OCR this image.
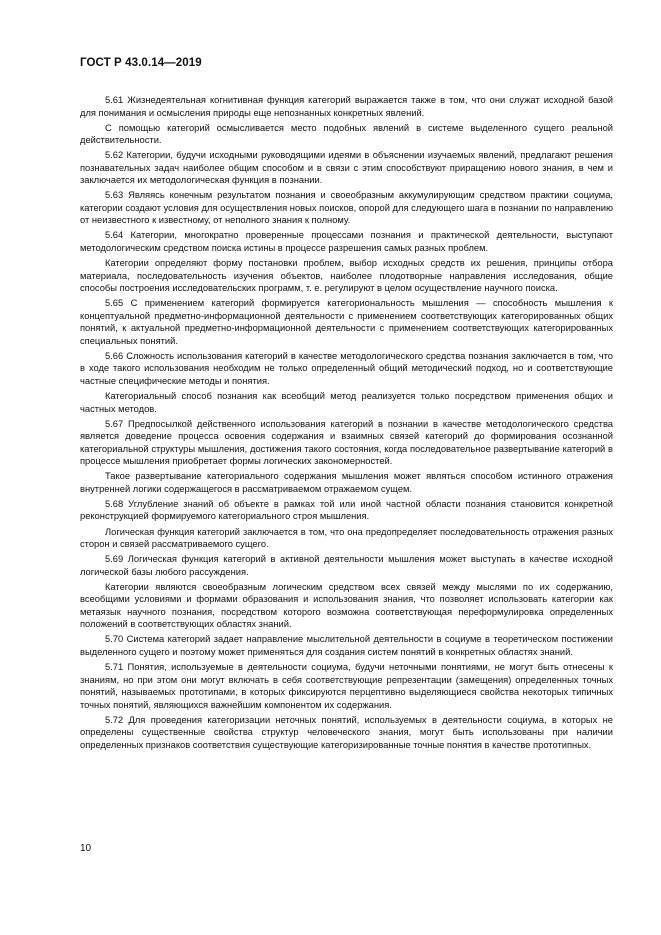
ГОСТ Р 43.0.14—2019

5.61 Жизнедеятельная когнитивная функция категорий выражается также в том, что они служат исходной базой для понимания и осмысления природы еще непознанных конкретных явлений.

С помощью категорий осмысливается место подобных явлений в системе выделенного сущего реальной действительности.

5.62 Категории, будучи исходными руководящими идеями в объяснении изучаемых явлений, предлагают решения познавательных задач наиболее общим способом и в связи с этим способствуют приращению нового знания, в чем и заключается их методологическая функция в познании.

5.63 Являясь конечным результатом познания и своеобразным аккумулирующим средством практики социума, категории создают условия для осуществления новых поисков, опорой для следующего шага в познании по направлению от неизвестного к известному, от неполного знания к полному.

5.64 Категории, многократно проверенные процессами познания и практической деятельности, выступают методологическим средством поиска истины в процессе разрешения самых разных проблем.

Категории определяют форму постановки проблем, выбор исходных средств их решения, принципы отбора материала, последовательность изучения объектов, наиболее плодотворные направления исследования, общие способы построения исследовательских программ, т. е. регулируют в целом осуществление научного поиска.

5.65 С применением категорий формируется категориональность мышления — способность мышления к концептуальной предметно-информационной деятельности с применением соответствующих категорированных общих понятий, к актуальной предметно-информационной деятельности с применением соответствующих категорированных специальных понятий.

5.66 Сложность использования категорий в качестве методологического средства познания заключается в том, что в ходе такого использования необходим не только определенный общий методический подход, но и соответствующие частные специфические методы и понятия.

Категориальный способ познания как всеобщий метод реализуется только посредством применения общих и частных методов.

5.67 Предпосылкой действенного использования категорий в познании в качестве методологического средства является доведение процесса освоения содержания и взаимных связей категорий до формирования осознанной категориальной структуры мышления, достижения такого состояния, когда последовательное развертывание категорий в процессе мышления приобретает формы логических закономерностей.

Такое развертывание категориального содержания мышления может являться способом истинного отражения внутренней логики содержащегося в рассматриваемом отражаемом сущем.

5.68 Углубление знаний об объекте в рамках той или иной частной области познания становится конкретной реконструкцией формируемого категориального строя мышления.

Логическая функция категорий заключается в том, что она предопределяет последовательность отражения разных сторон и связей рассматриваемого сущего.

5.69 Логическая функция категорий в активной деятельности мышления может выступать в качестве исходной логической базы любого рассуждения.

Категории являются своеобразным логическим средством всех связей между мыслями по их содержанию, всеобщими условиями и формами образования и использования знания, что позволяет использовать категории как метаязык научного познания, посредством которого возможна соответствующая переформулировка определенных положений в соответствующих областях знаний.

5.70 Система категорий задает направление мыслительной деятельности в социуме в теоретическом постижении выделенного сущего и поэтому может применяться для создания систем понятий в конкретных областях знаний.

5.71 Понятия, используемые в деятельности социума, будучи неточными понятиями, не могут быть отнесены к знаниям, но при этом они могут включать в себя соответствующие репрезентации (замещения) определенных точных понятий, называемых прототипами, в которых фиксируются перцептивно выделяющиеся свойства некоторых типичных точных понятий, являющихся важнейшим компонентом их содержания.

5.72 Для проведения категоризации неточных понятий, используемых в деятельности социума, в которых не определены существенные свойства структур человеческого знания, могут быть использованы при наличии определенных признаков соответствия существующие категоризированные точные понятия в качестве прототипных.

10
